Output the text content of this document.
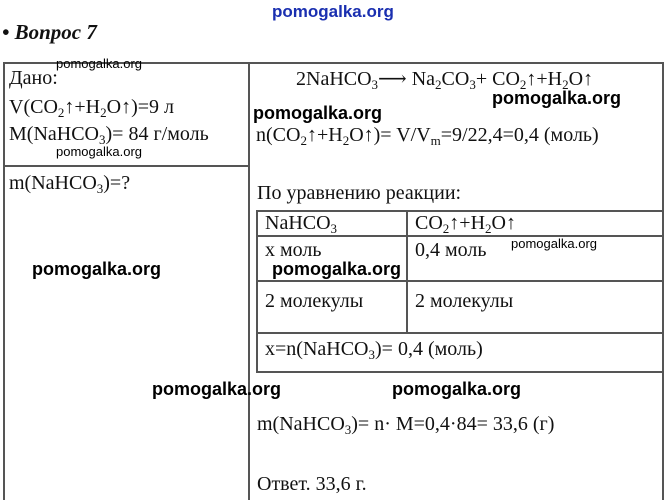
pomogalka.org
• Вопрос 7
Дано:
$V(CO_2↑+H_2O↑)=9$ л
M(NaHCO$_3$)= 84 г/моль
m(NaHCO$_3$)=?
2NaHCO$_3$⟶ $Na_2CO_3+$ $CO_2↑+H_2O↑$
$n(CO_2↑+H_2O↑)= V/V_m=9/22,4=0,4$ (моль)
По уравнению реакции:
NaHCO$_3$	$CO_2↑+H_2O↑$
x моль	0,4 моль
2 молекулы	2 молекулы
x=n(NaHCO$_3$)= 0,4 (моль)
m(NaHCO$_3$)= n· M=0,4·84= 33,6 (г)
Ответ. 33,6 г.
pomogalka.org
pomogalka.org
pomogalka.org
pomogalka.org
pomogalka.org
pomogalka.org	pomogalka.org
pomogalka.org	pomogalka.org
